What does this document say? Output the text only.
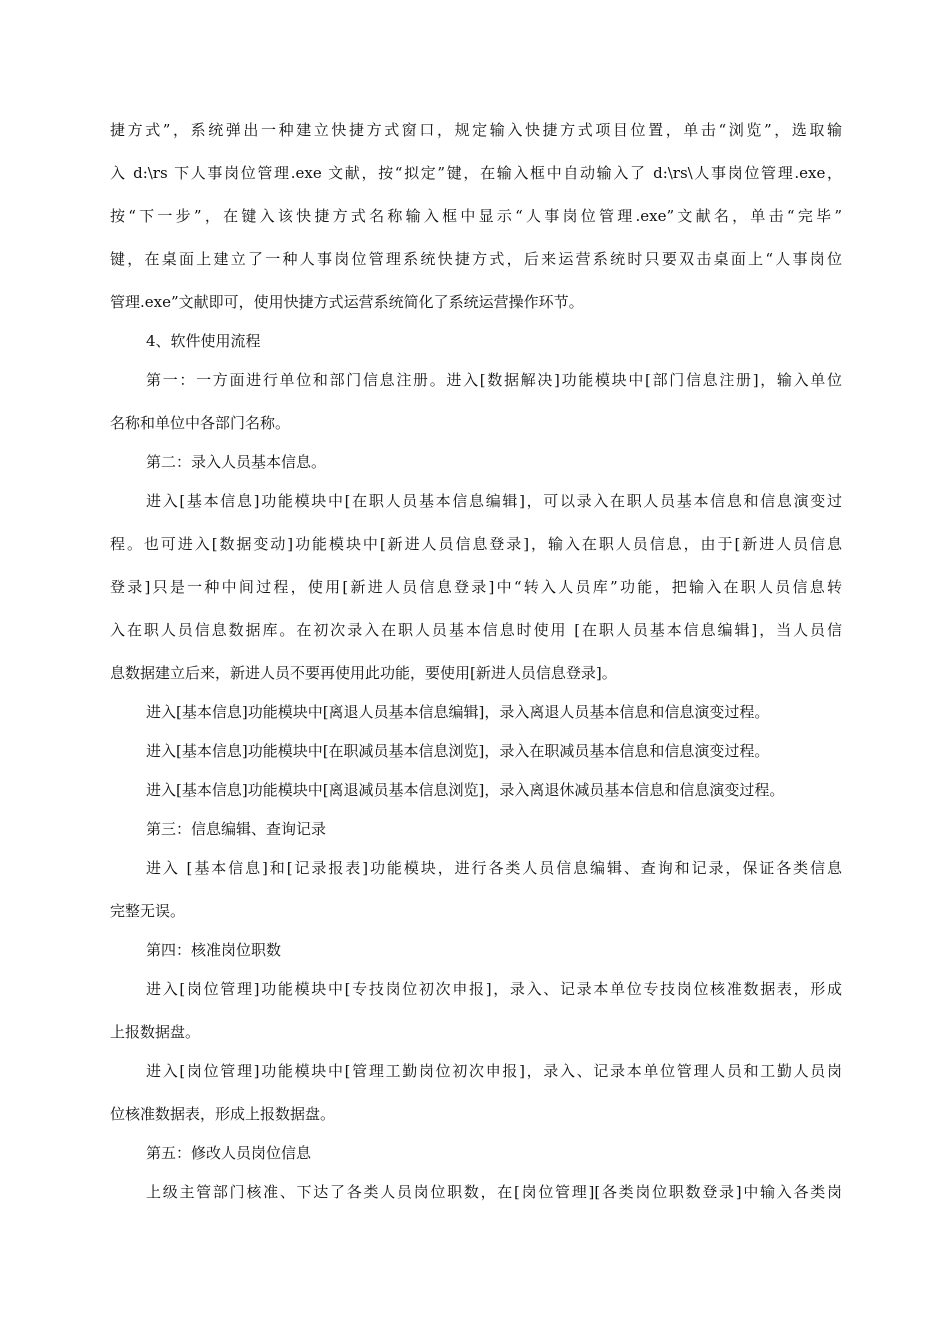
捷方式”，系统弹出一种建立快捷方式窗口，规定输入快捷方式项目位置，单击“浏览”，选取输
入 d:\rs 下人事岗位管理.exe 文献，按“拟定”键，在输入框中自动输入了 d:\rs\人事岗位管理.exe，
按“下一步”，在键入该快捷方式名称输入框中显示“人事岗位管理.exe”文献名，单击“完毕”
键，在桌面上建立了一种人事岗位管理系统快捷方式，后来运营系统时只要双击桌面上“人事岗位
管理.exe”文献即可，使用快捷方式运营系统简化了系统运营操作环节。
4、软件使用流程
第一：一方面进行单位和部门信息注册。进入[数据解决]功能模块中[部门信息注册]，输入单位
名称和单位中各部门名称。
第二：录入人员基本信息。
进入[基本信息]功能模块中[在职人员基本信息编辑]，可以录入在职人员基本信息和信息演变过
程。也可进入[数据变动]功能模块中[新进人员信息登录]，输入在职人员信息，由于[新进人员信息
登录]只是一种中间过程，使用[新进人员信息登录]中“转入人员库”功能，把输入在职人员信息转
入在职人员信息数据库。在初次录入在职人员基本信息时使用 [在职人员基本信息编辑]，当人员信
息数据建立后来，新进人员不要再使用此功能，要使用[新进人员信息登录]。
进入[基本信息]功能模块中[离退人员基本信息编辑]，录入离退人员基本信息和信息演变过程。
进入[基本信息]功能模块中[在职减员基本信息浏览]，录入在职减员基本信息和信息演变过程。
进入[基本信息]功能模块中[离退减员基本信息浏览]，录入离退休减员基本信息和信息演变过程。
第三：信息编辑、查询记录
进入 [基本信息]和[记录报表]功能模块，进行各类人员信息编辑、查询和记录，保证各类信息
完整无误。
第四：核准岗位职数
进入[岗位管理]功能模块中[专技岗位初次申报]，录入、记录本单位专技岗位核准数据表，形成
上报数据盘。
进入[岗位管理]功能模块中[管理工勤岗位初次申报]，录入、记录本单位管理人员和工勤人员岗
位核准数据表，形成上报数据盘。
第五：修改人员岗位信息
上级主管部门核准、下达了各类人员岗位职数，在[岗位管理][各类岗位职数登录]中输入各类岗
